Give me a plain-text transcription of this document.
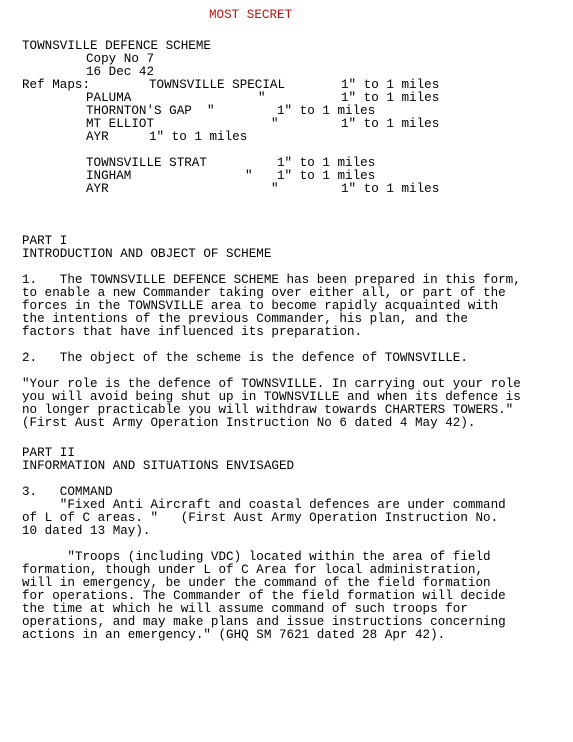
MOST SECRET
TOWNSVILLE DEFENCE SCHEME
Copy No 7
16 Dec 42
Ref Maps:	TOWNSVILLE SPECIAL	1" to 1 miles
PALUMA	"	1" to 1 miles
THORNTON'S GAP "	1" to 1 miles
MT ELLIOT	"	1" to 1 miles
AYR	1" to 1 miles
TOWNSVILLE STRAT	1" to 1 miles
INGHAM	" 1" to 1 miles
AYR	"	1" to 1 miles
PART I
INTRODUCTION AND OBJECT OF SCHEME
1.   The TOWNSVILLE DEFENCE SCHEME has been prepared in this form,
to enable a new Commander taking over either all, or part of the
forces in the TOWNSVILLE area to become rapidly acquainted with
the intentions of the previous Commander, his plan, and the
factors that have influenced its preparation.
2.   The object of the scheme is the defence of TOWNSVILLE.
"Your role is the defence of TOWNSVILLE. In carrying out your role
you will avoid being shut up in TOWNSVILLE and when its defence is
no longer practicable you will withdraw towards CHARTERS TOWERS."
(First Aust Army Operation Instruction No 6 dated 4 May 42).
PART II
INFORMATION AND SITUATIONS ENVISAGED
3.   COMMAND
"Fixed Anti Aircraft and coastal defences are under command
of L of C areas. "   (First Aust Army Operation Instruction No.
10 dated 13 May).
"Troops (including VDC) located within the area of field
formation, though under L of C Area for local administration,
will in emergency, be under the command of the field formation
for operations. The Commander of the field formation will decide
the time at which he will assume command of such troops for
operations, and may make plans and issue instructions concerning
actions in an emergency." (GHQ SM 7621 dated 28 Apr 42).
